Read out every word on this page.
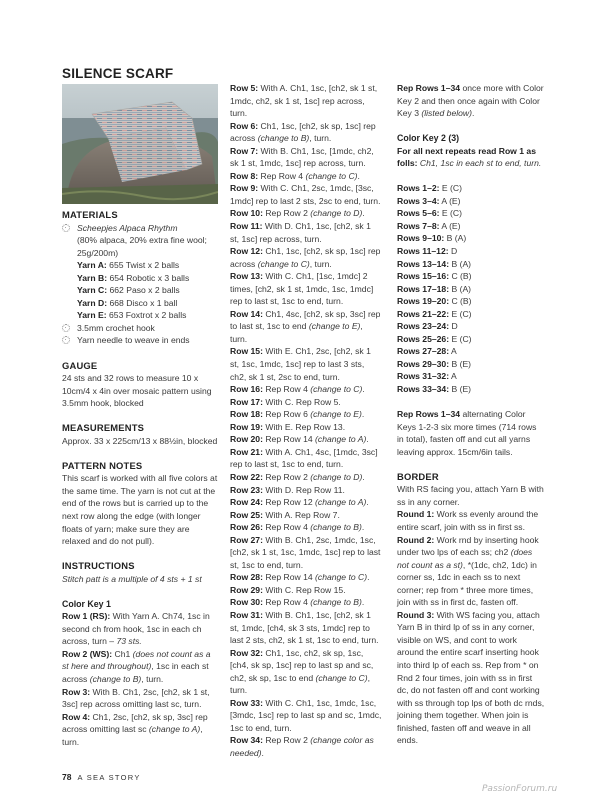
SILENCE SCARF
MATERIALS

Scheepjes Alpaca Rhythm

(80% alpaca, 20% extra fine wool; 25g/200m)

Yarn A: 655 Twist x 2 balls

Yarn B: 654 Robotic x 3 balls

Yarn C: 662 Paso x 2 balls

Yarn D: 668 Disco x 1 ball

Yarn E: 653 Foxtrot x 2 balls

3.5mm crochet hook

Yarn needle to weave in ends

GAUGE

24 sts and 32 rows to measure 10 x 10cm/4 x 4in over mosaic pattern using 3.5mm hook, blocked

MEASUREMENTS

Approx. 33 x 225cm/13 x 88½in, blocked

PATTERN NOTES

This scarf is worked with all five colors at the same time. The yarn is not cut at the end of the rows but is carried up to the next row along the edge (with longer floats of yarn; make sure they are relaxed and do not pull).

INSTRUCTIONS

Stitch patt is a multiple of 4 sts + 1 st

Color Key 1

Row 1 (RS): With Yarn A. Ch74, 1sc in second ch from hook, 1sc in each ch across, turn – 73 sts.

Row 2 (WS): Ch1 (does not count as a st here and throughout), 1sc in each st across (change to B), turn.

Row 3: With B. Ch1, 2sc, [ch2, sk 1 st, 3sc] rep across omitting last sc, turn.

Row 4: Ch1, 2sc, [ch2, sk sp, 3sc] rep across omitting last sc (change to A), turn.

Row 5: With A. Ch1, 1sc, [ch2, sk 1 st, 1mdc, ch2, sk 1 st, 1sc] rep across, turn.

Row 6: Ch1, 1sc, [ch2, sk sp, 1sc] rep across (change to B), turn.

Row 7: With B. Ch1, 1sc, [1mdc, ch2, sk 1 st, 1mdc, 1sc] rep across, turn.

Row 8: Rep Row 4 (change to C).

Row 9: With C. Ch1, 2sc, 1mdc, [3sc, 1mdc] rep to last 2 sts, 2sc to end, turn.

Row 10: Rep Row 2 (change to D).

Row 11: With D. Ch1, 1sc, [ch2, sk 1 st, 1sc] rep across, turn.

Row 12: Ch1, 1sc, [ch2, sk sp, 1sc] rep across (change to C), turn.

Row 13: With C. Ch1, [1sc, 1mdc] 2 times, [ch2, sk 1 st, 1mdc, 1sc, 1mdc] rep to last st, 1sc to end, turn.

Row 14: Ch1, 4sc, [ch2, sk sp, 3sc] rep to last st, 1sc to end (change to E), turn.

Row 15: With E. Ch1, 2sc, [ch2, sk 1 st, 1sc, 1mdc, 1sc] rep to last 3 sts, ch2, sk 1 st, 2sc to end, turn.

Row 16: Rep Row 4 (change to C).

Row 17: With C. Rep Row 5.

Row 18: Rep Row 6 (change to E).

Row 19: With E. Rep Row 13.

Row 20: Rep Row 14 (change to A).

Row 21: With A. Ch1, 4sc, [1mdc, 3sc] rep to last st, 1sc to end, turn.

Row 22: Rep Row 2 (change to D).

Row 23: With D. Rep Row 11.

Row 24: Rep Row 12 (change to A).

Row 25: With A. Rep Row 7.

Row 26: Rep Row 4 (change to B).

Row 27: With B. Ch1, 2sc, 1mdc, 1sc, [ch2, sk 1 st, 1sc, 1mdc, 1sc] rep to last st, 1sc to end, turn.

Row 28: Rep Row 14 (change to C).

Row 29: With C. Rep Row 15.

Row 30: Rep Row 4 (change to B).

Row 31: With B. Ch1, 1sc, [ch2, sk 1 st, 1mdc, [ch4, sk 3 sts, 1mdc] rep to last 2 sts, ch2, sk 1 st, 1sc to end, turn.

Row 32: Ch1, 1sc, ch2, sk sp, 1sc, [ch4, sk sp, 1sc] rep to last sp and sc, ch2, sk sp, 1sc to end (change to C), turn.

Row 33: With C. Ch1, 1sc, 1mdc, 1sc, [3mdc, 1sc] rep to last sp and sc, 1mdc, 1sc to end, turn.

Row 34: Rep Row 2 (change color as needed).

Rep Rows 1–34 once more with Color Key 2 and then once again with Color Key 3 (listed below).

Color Key 2 (3)

For all next repeats read Row 1 as folls: Ch1, 1sc in each st to end, turn.

Rows 1–2: E (C)

Rows 3–4: A (E)

Rows 5–6: E (C)

Rows 7–8: A (E)

Rows 9–10: B (A)

Rows 11–12: D

Rows 13–14: B (A)

Rows 15–16: C (B)

Rows 17–18: B (A)

Rows 19–20: C (B)

Rows 21–22: E (C)

Rows 23–24: D

Rows 25–26: E (C)

Rows 27–28: A

Rows 29–30: B (E)

Rows 31–32: A

Rows 33–34: B (E)

Rep Rows 1–34 alternating Color Keys 1-2-3 six more times (714 rows in total), fasten off and cut all yarns leaving approx. 15cm/6in tails.

BORDER

With RS facing you, attach Yarn B with ss in any corner.

Round 1: Work ss evenly around the entire scarf, join with ss in first ss.

Round 2: Work rnd by inserting hook under two lps of each ss; ch2 (does not count as a st), *(1dc, ch2, 1dc) in corner ss, 1dc in each ss to next corner; rep from * three more times, join with ss in first dc, fasten off.

Round 3: With WS facing you, attach Yarn B in third lp of ss in any corner, visible on WS, and cont to work around the entire scarf inserting hook into third lp of each ss. Rep from * on Rnd 2 four times, join with ss in first dc, do not fasten off and cont working with ss through top lps of both dc rnds, joining them together. When join is finished, fasten off and weave in all ends.

78 A SEA STORY
PassionForum.ru
